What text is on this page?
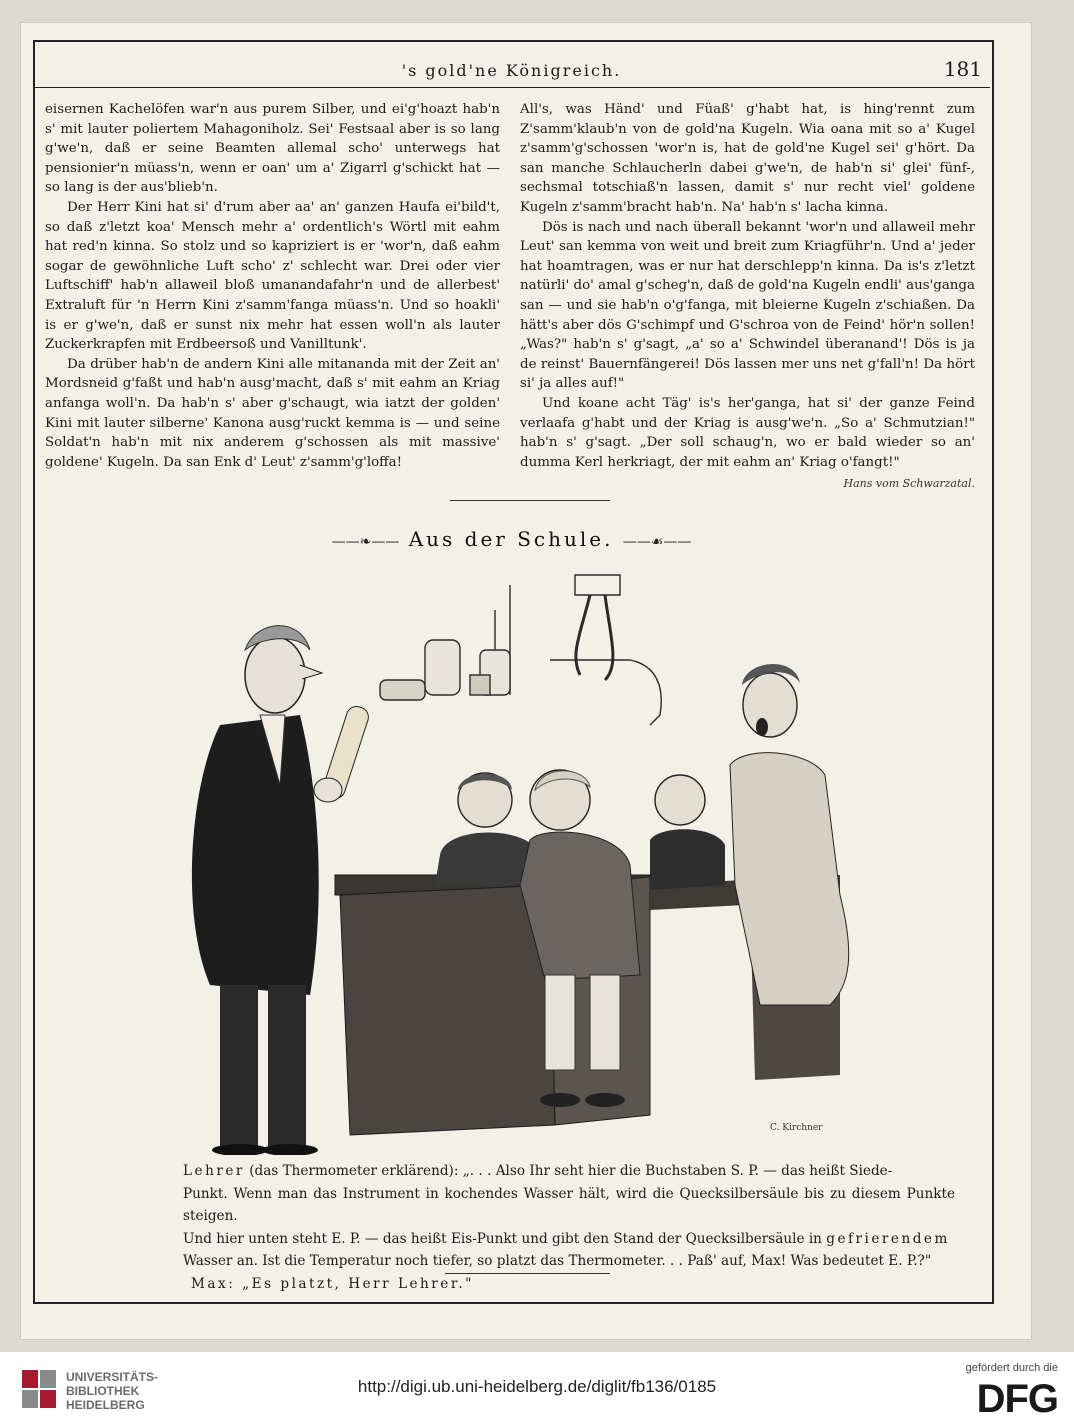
's gold'ne Königreich.	181

eisernen Kachelöfen war'n aus purem Silber, und ei'g'hoazt hab'n s' mit lauter poliertem Mahagoniholz. Sei' Festsaal aber is so lang g'we'n, daß er seine Beamten allemal scho' unterwegs hat pensionier'n müass'n, wenn er oan' um a' Zigarrl g'schickt hat — so lang is der aus'blieb'n.

Der Herr Kini hat si' d'rum aber aa' an' ganzen Haufa ei'bild't, so daß z'letzt koa' Mensch mehr a' ordentlich's Wörtl mit eahm hat red'n kinna. So stolz und so kapriziert is er 'wor'n, daß eahm sogar de gewöhnliche Luft scho' z' schlecht war. Drei oder vier Luftschiff' hab'n allaweil bloß umanandafahr'n und de allerbest' Extraluft für 'n Herrn Kini z'samm'fanga müass'n. Und so hoakli' is er g'we'n, daß er sunst nix mehr hat essen woll'n als lauter Zuckerkrapfen mit Erdbeersoß und Vanilltunk'.

Da drüber hab'n de andern Kini alle mitananda mit der Zeit an' Mordsneid g'faßt und hab'n ausg'macht, daß s' mit eahm an Kriag anfanga woll'n. Da hab'n s' aber g'schaugt, wia iatzt der golden' Kini mit lauter silberne' Kanona ausg'ruckt kemma is — und seine Soldat'n hab'n mit nix anderem g'schossen als mit massive' goldene' Kugeln. Da san Enk d' Leut' z'samm'g'loffa!

All's, was Händ' und Füaß' g'habt hat, is hing'rennt zum Z'samm'klaub'n von de gold'na Kugeln. Wia oana mit so a' Kugel z'samm'g'schossen 'wor'n is, hat de gold'ne Kugel sei' g'hört. Da san manche Schlaucherln dabei g'we'n, de hab'n si' glei' fünf-, sechsmal totschiaß'n lassen, damit s' nur recht viel' goldene Kugeln z'samm'bracht hab'n. Na' hab'n s' lacha kinna.

Dös is nach und nach überall bekannt 'wor'n und allaweil mehr Leut' san kemma von weit und breit zum Kriagführ'n. Und a' jeder hat hoamtragen, was er nur hat derschlepp'n kinna. Da is's z'letzt natürli' do' amal g'scheg'n, daß de gold'na Kugeln endli' aus'ganga san — und sie hab'n o'g'fanga, mit bleierne Kugeln z'schiaßen. Da hätt's aber dös G'schimpf und G'schroa von de Feind' hör'n sollen! „Was?" hab'n s' g'sagt, „a' so a' Schwindel überanand'! Dös is ja de reinst' Bauernfängerei! Dös lassen mer uns net g'fall'n! Da hört si' ja alles auf!"

Und koane acht Täg' is's her'ganga, hat si' der ganze Feind verlaafa g'habt und der Kriag is ausg'we'n. „So a' Schmutzian!" hab'n s' g'sagt. „Der soll schaug'n, wo er bald wieder so an' dumma Kerl herkriagt, der mit eahm an' Kriag o'fangt!"

Hans vom Schwarzatal.
——❧—— Aus der Schule. ——☙——
C. Kirchner
Lehrer (das Thermometer erklärend): „. . . Also Ihr seht hier die Buchstaben S. P. — das heißt Siede-
Punkt. Wenn man das Instrument in kochendes Wasser hält, wird die Quecksilbersäule bis zu diesem Punkte steigen.
Und hier unten steht E. P. — das heißt Eis-Punkt und gibt den Stand der Quecksilbersäule in gefrierendem
Wasser an. Ist die Temperatur noch tiefer, so platzt das Thermometer. . . Paß' auf, Max! Was bedeutet E. P.?"
Max: „Es platzt, Herr Lehrer."
UNIVERSITÄTS-
BIBLIOTHEK
HEIDELBERG
http://digi.ub.uni-heidelberg.de/diglit/fb136/0185
gefördert durch die
DFG
